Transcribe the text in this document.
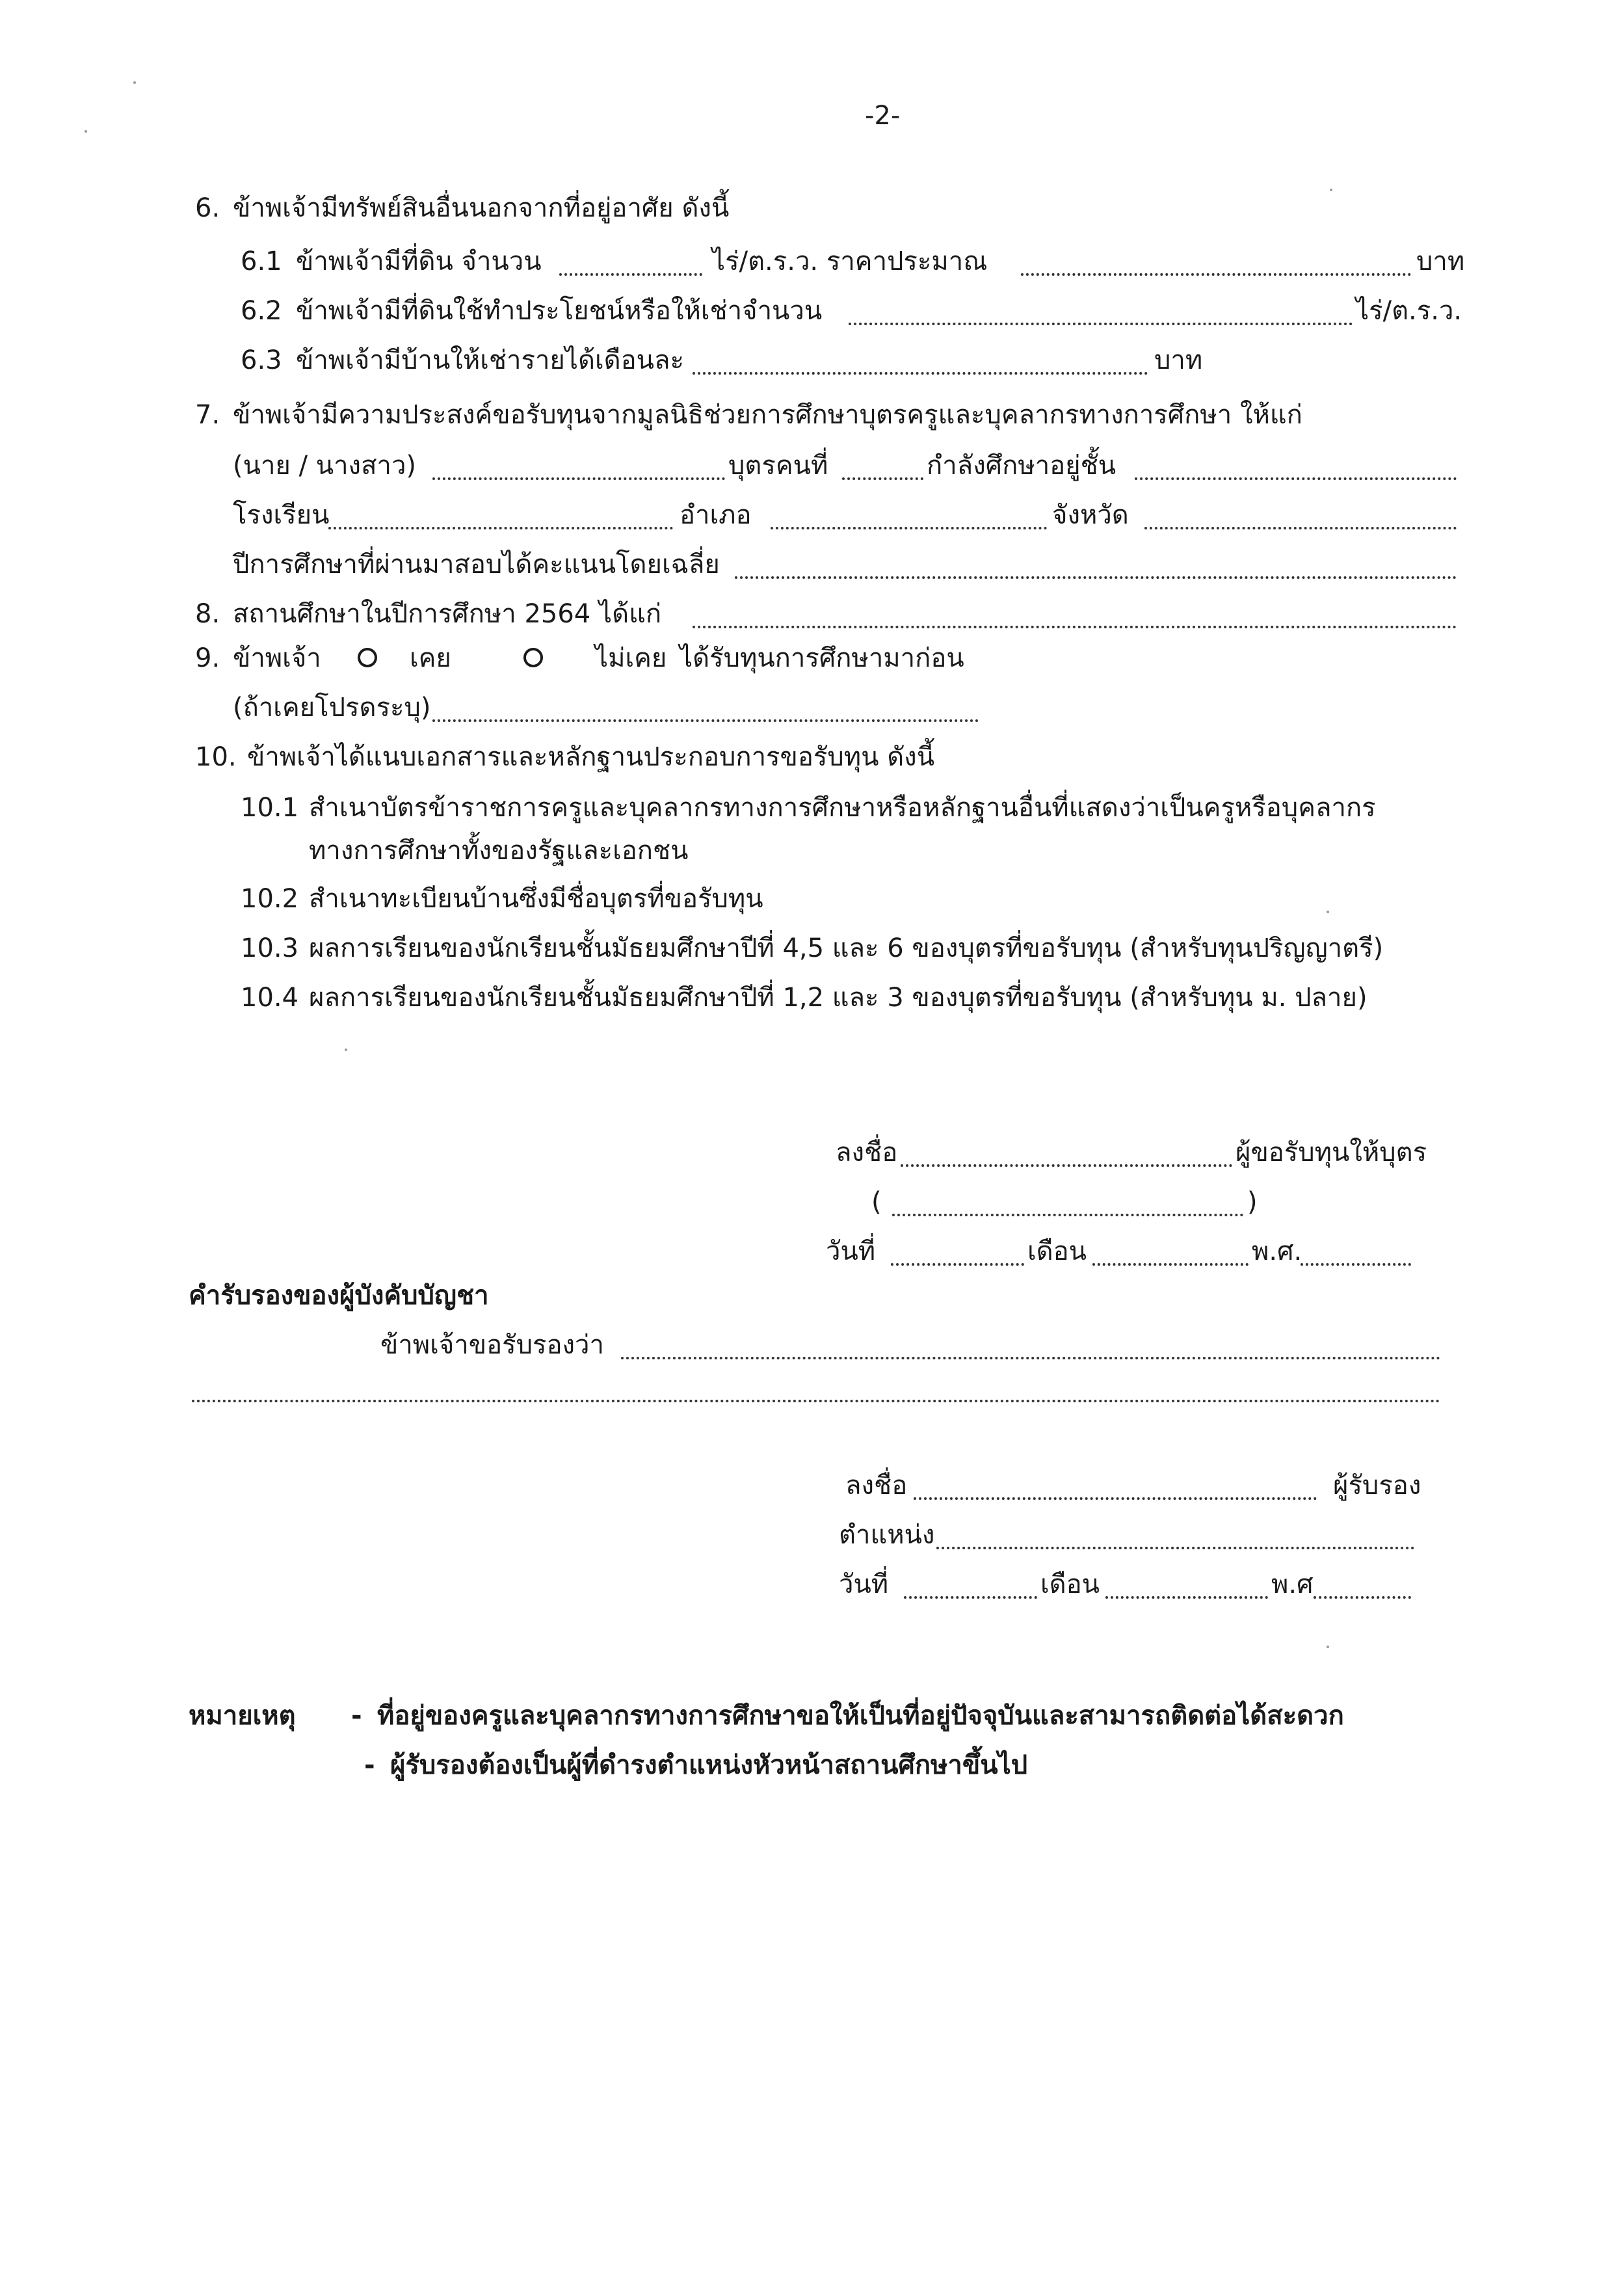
-2-
6. ข้าพเจ้ามีทรัพย์สินอื่นนอกจากที่อยู่อาศัย ดังนี้
6.1 ข้าพเจ้ามีที่ดิน จำนวน	ไร่/ต.ร.ว. ราคาประมาณ	บาท
6.2 ข้าพเจ้ามีที่ดินใช้ทำประโยชน์หรือให้เช่าจำนวน	ไร่/ต.ร.ว.
6.3 ข้าพเจ้ามีบ้านให้เช่ารายได้เดือนละ	บาท
7. ข้าพเจ้ามีความประสงค์ขอรับทุนจากมูลนิธิช่วยการศึกษาบุตรครูและบุคลากรทางการศึกษา ให้แก่
(นาย / นางสาว)	บุตรคนที่	กำลังศึกษาอยู่ชั้น
โรงเรียน	อำเภอ	จังหวัด
ปีการศึกษาที่ผ่านมาสอบได้คะแนนโดยเฉลี่ย
8. สถานศึกษาในปีการศึกษา 2564 ได้แก่
9. ข้าพเจ้า	เคย	ไม่เคย ได้รับทุนการศึกษามาก่อน
(ถ้าเคยโปรดระบุ)
10. ข้าพเจ้าได้แนบเอกสารและหลักฐานประกอบการขอรับทุน ดังนี้
10.1 สำเนาบัตรข้าราชการครูและบุคลากรทางการศึกษาหรือหลักฐานอื่นที่แสดงว่าเป็นครูหรือบุคลากร
ทางการศึกษาทั้งของรัฐและเอกชน
10.2 สำเนาทะเบียนบ้านซึ่งมีชื่อบุตรที่ขอรับทุน
10.3 ผลการเรียนของนักเรียนชั้นมัธยมศึกษาปีที่ 4,5 และ 6 ของบุตรที่ขอรับทุน (สำหรับทุนปริญญาตรี)
10.4 ผลการเรียนของนักเรียนชั้นมัธยมศึกษาปีที่ 1,2 และ 3 ของบุตรที่ขอรับทุน (สำหรับทุน ม. ปลาย)
ลงชื่อ	ผู้ขอรับทุนให้บุตร
(	)
วันที่	เดือน	พ.ศ.
คำรับรองของผู้บังคับบัญชา
ข้าพเจ้าขอรับรองว่า
ลงชื่อ	ผู้รับรอง
ตำแหน่ง
วันที่	เดือน	พ.ศ
หมายเหตุ - ที่อยู่ของครูและบุคลากรทางการศึกษาขอให้เป็นที่อยู่ปัจจุบันและสามารถติดต่อได้สะดวก
- ผู้รับรองต้องเป็นผู้ที่ดำรงตำแหน่งหัวหน้าสถานศึกษาขึ้นไป
